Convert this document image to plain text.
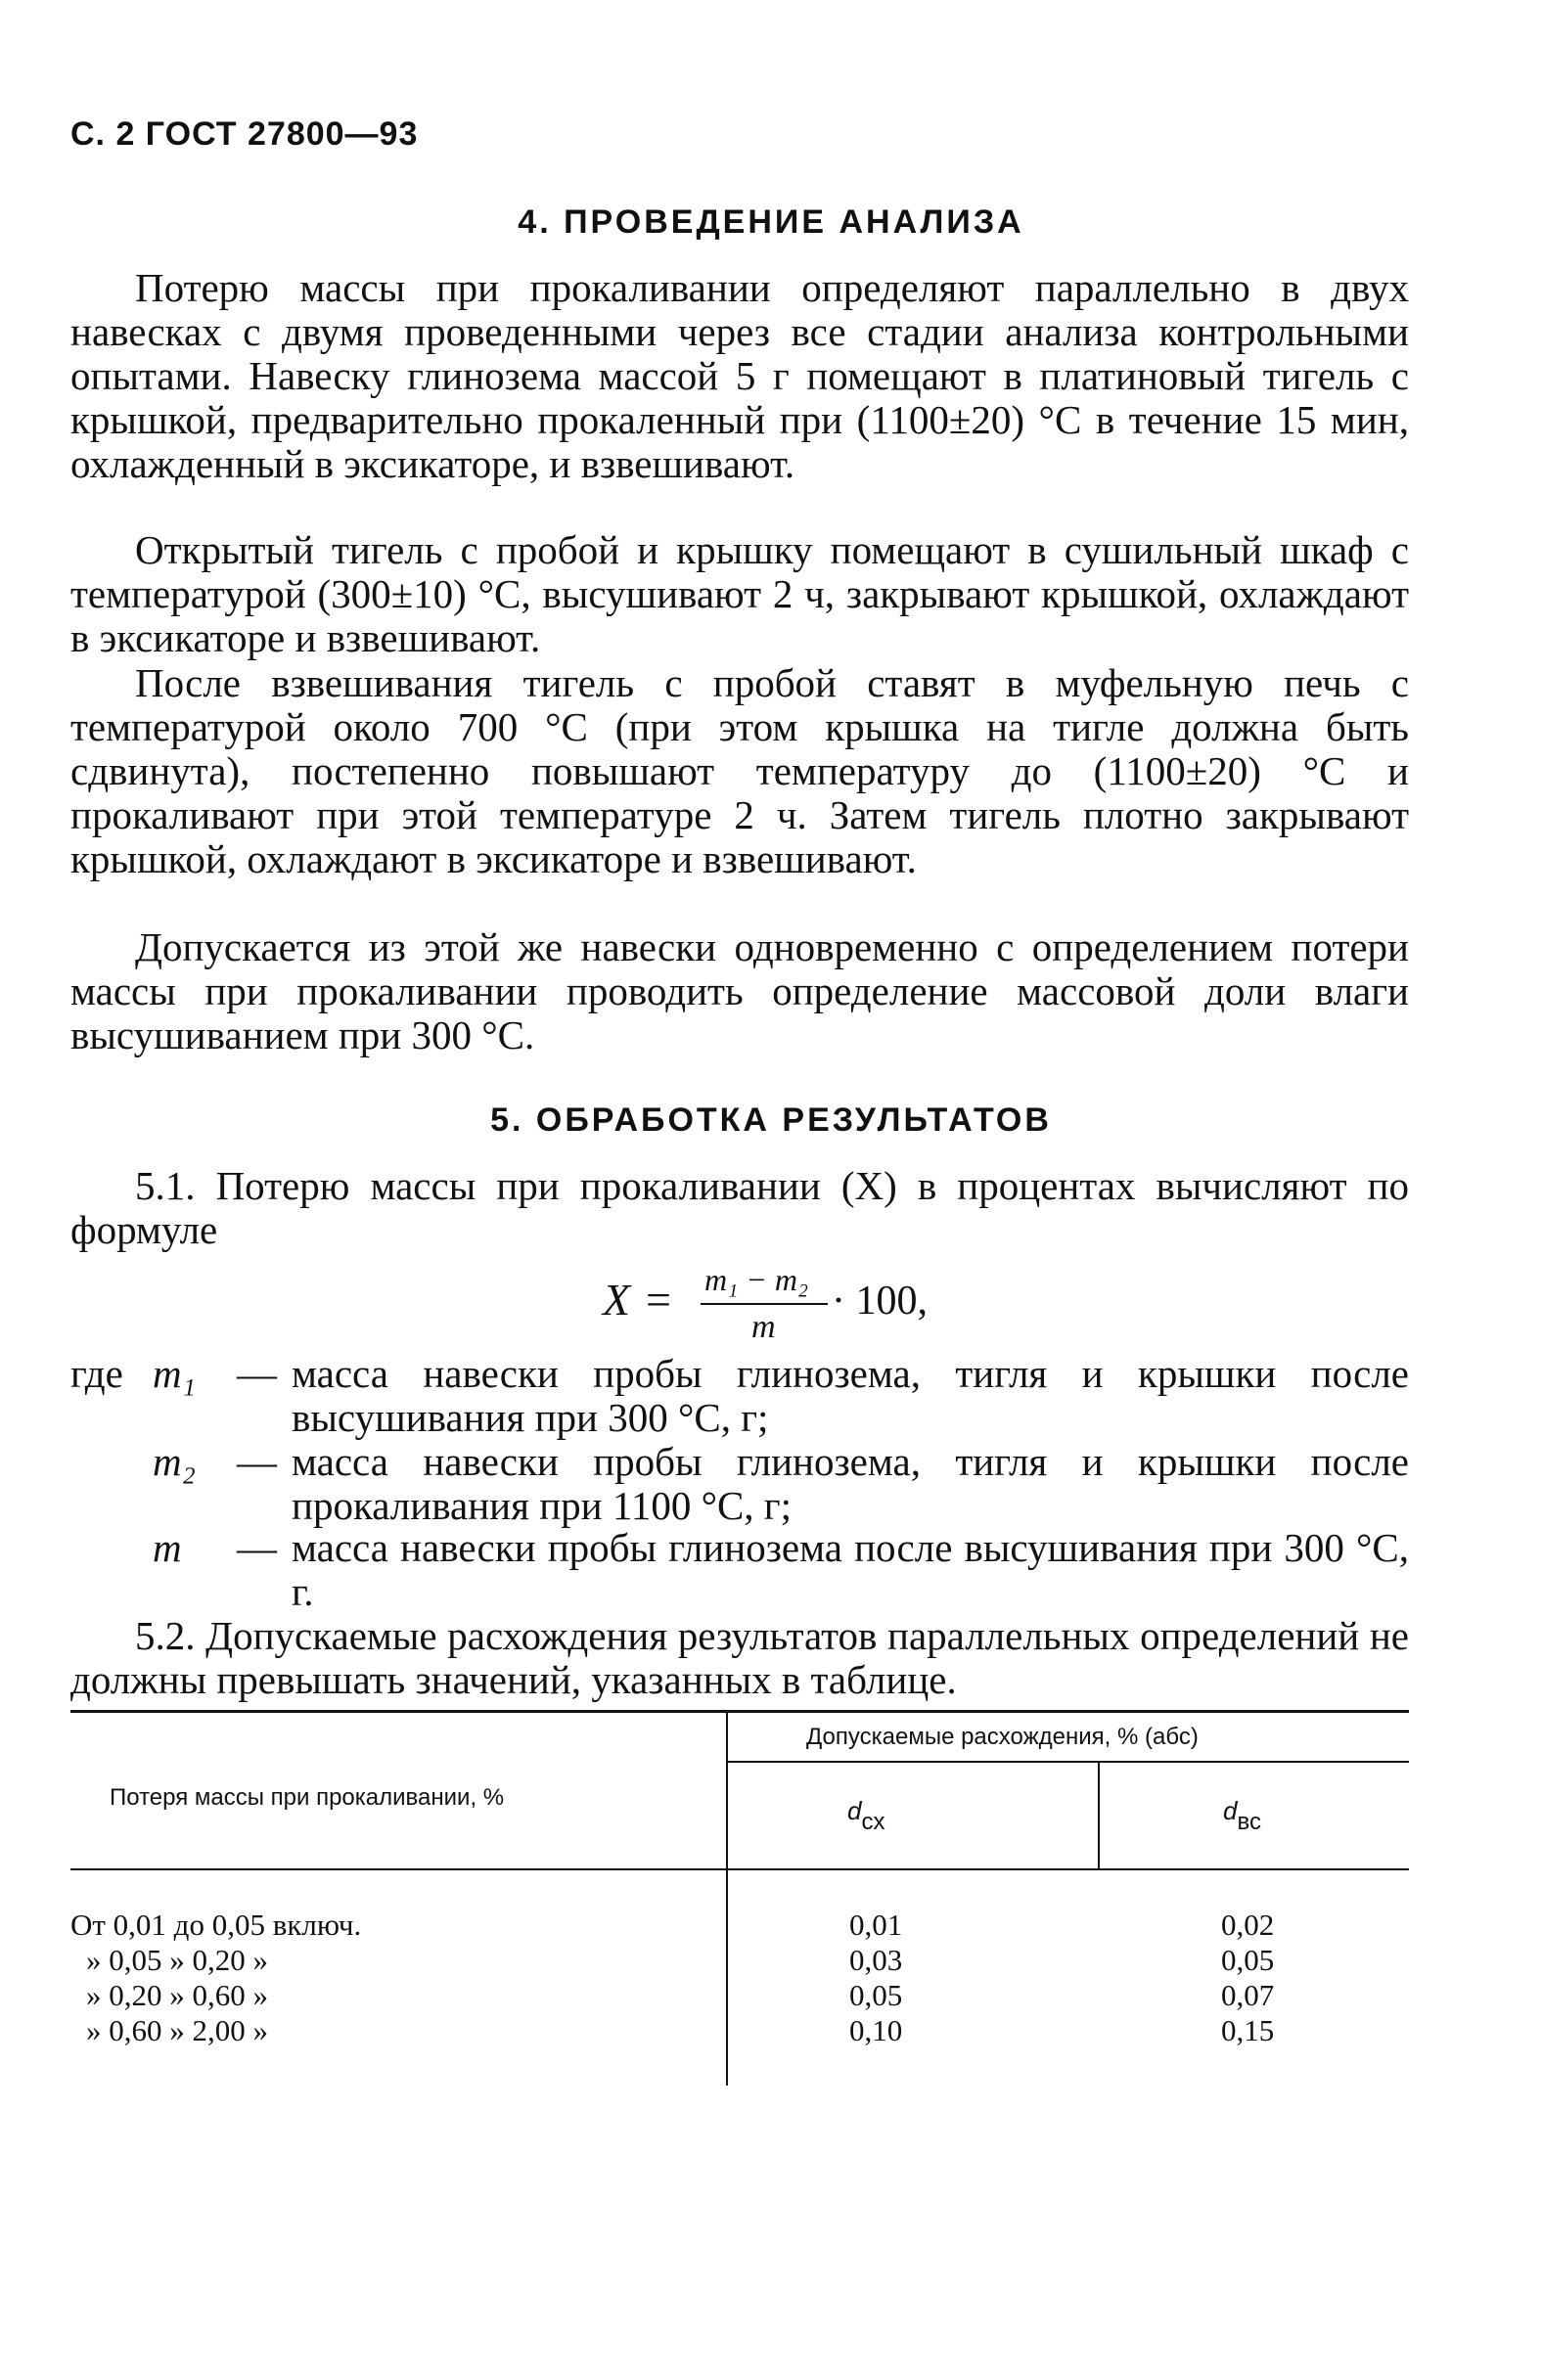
С. 2 ГОСТ 27800—93
4. ПРОВЕДЕНИЕ АНАЛИЗА
Потерю массы при прокаливании определяют параллельно в двух навесках с двумя проведенными через все стадии анализа контрольными опытами. Навеску глинозема массой 5 г помещают в платиновый тигель с крышкой, предварительно прокаленный при (1100±20) °С в течение 15 мин, охлажденный в эксикаторе, и взвешивают.
Открытый тигель с пробой и крышку помещают в сушильный шкаф с температурой (300±10) °С, высушивают 2 ч, закрывают крышкой, охлаждают в эксикаторе и взвешивают.
После взвешивания тигель с пробой ставят в муфельную печь с температурой около 700 °С (при этом крышка на тигле должна быть сдвинута), постепенно повышают температуру до (1100±20) °С и прокаливают при этой температуре 2 ч. Затем тигель плотно закрывают крышкой, охлаждают в эксикаторе и взвешивают.
Допускается из этой же навески одновременно с определением потери массы при прокаливании проводить определение массовой доли влаги высушиванием при 300 °С.
5. ОБРАБОТКА РЕЗУЛЬТАТОВ
5.1. Потерю массы при прокаливании (X) в процентах вычисляют по формуле
X = m₁ − m₂
m
· 100,
где m₁ — масса навески пробы глинозема, тигля и крышки после высушивания при 300 °С, г;
m₂ — масса навески пробы глинозема, тигля и крышки после прокаливания при 1100 °С, г;
m — масса навески пробы глинозема после высушивания при 300 °С, г.
5.2. Допускаемые расхождения результатов параллельных определений не должны превышать значений, указанных в таблице.
Потеря массы при прокаливании, %
Допускаемые расхождения, % (абс)
dсх	dвс
От 0,01 до 0,05 включ.	0,01	0,02
» 0,05 » 0,20 »	0,03	0,05
» 0,20 » 0,60 »	0,05	0,07
» 0,60 » 2,00 »	0,10	0,15
